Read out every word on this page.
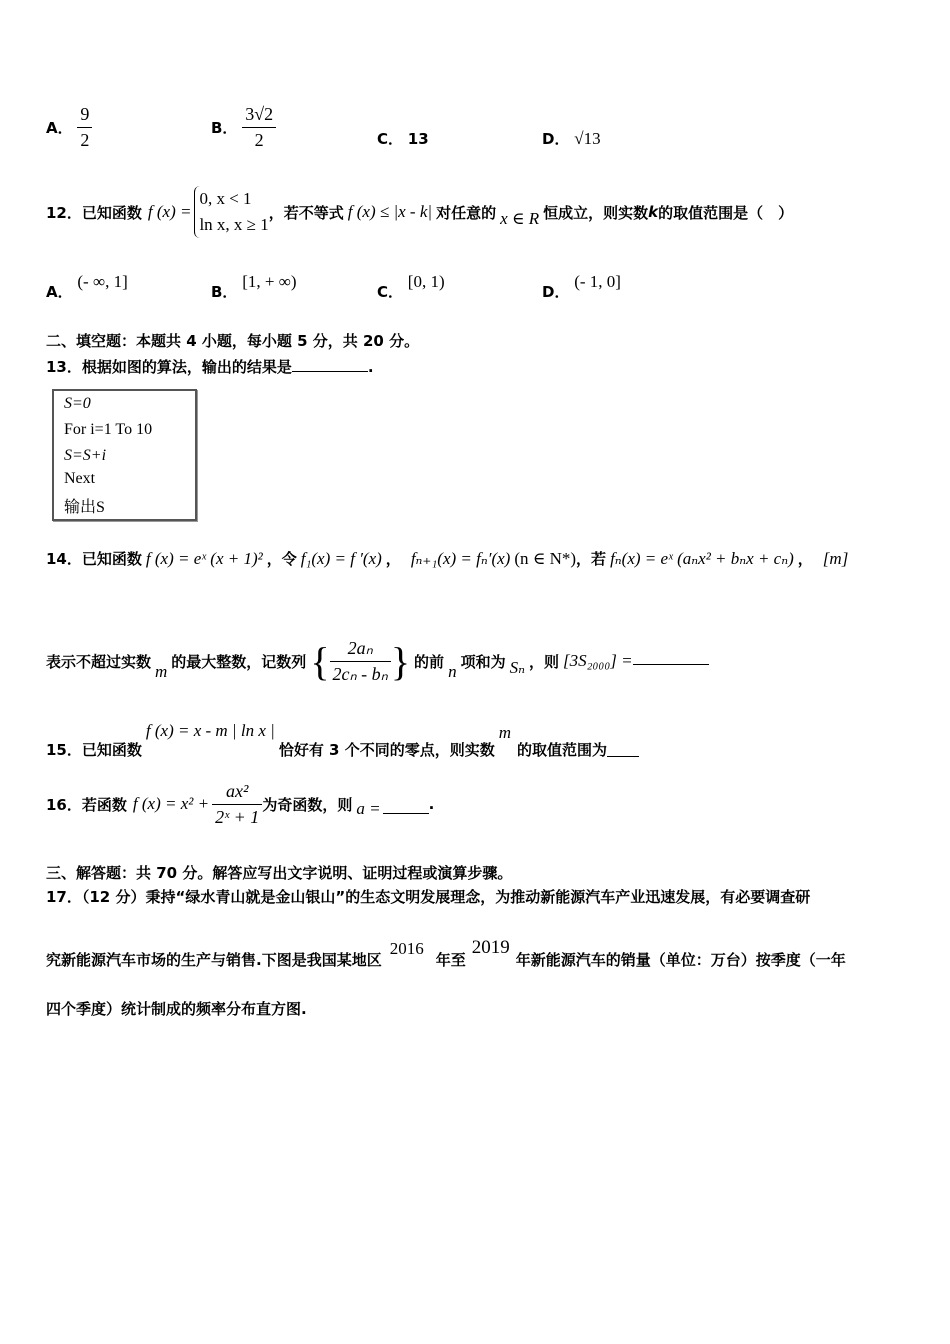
A． $\frac{9}{2}$	B． $\frac{3√2}{2}$	C． 13	D． √13
12． 已知函数 f (x) =
0, x < 1
ln x, x ≥ 1
，若不等式 f (x) ≤ |x - k| 对任意的 x ∈ R 恒成立，则实数 k 的取值范围是（　）
A． (- ∞, 1]
B． [1, + ∞)
C． [0, 1)
D． (- 1, 0]
二、填空题：本题共 4 小题，每小题 5 分，共 20 分。
13．根据如图的算法，输出的结果是	.
S=0
For i=1 To 10
S=S+i
Next
输出S
14． 已知函数 f (x) = eˣ (x + 1)² ，令 f₁(x) = f ′(x) ， fₙ₊₁(x) = fₙ′(x) (n ∈ N*) ，若 fₙ(x) = eˣ (aₙx² + bₙx + cₙ) ， [m]
表示不超过实数
m
的最大整数，记数列 { $\frac{\text{2aₙ}}{\text{2cₙ - bₙ}}$ } 的前
n
项和为 Sₙ ，则 [3S₂₀₀₀] =
15． 已知函数
f (x) = x - m | ln x |
恰好有 3 个不同的零点，则实数
m
的取值范围为
16． 若函数 f $(x) = x^2 + \frac{\text{ax²}}{\text{2ˣ + 1}}$ 为奇函数，则 a =	.
三、解答题：共 70 分。解答应写出文字说明、证明过程或演算步骤。
17．（12 分）秉持“绿水青山就是金山银山”的生态文明发展理念，为推动新能源汽车产业迅速发展，有必要调查研
究新能源汽车市场的生产与销售.下图是我国某地区
2016
年至
2019
年新能源汽车的销量（单位：万台）按季度（一年
四个季度）统计制成的频率分布直方图.
